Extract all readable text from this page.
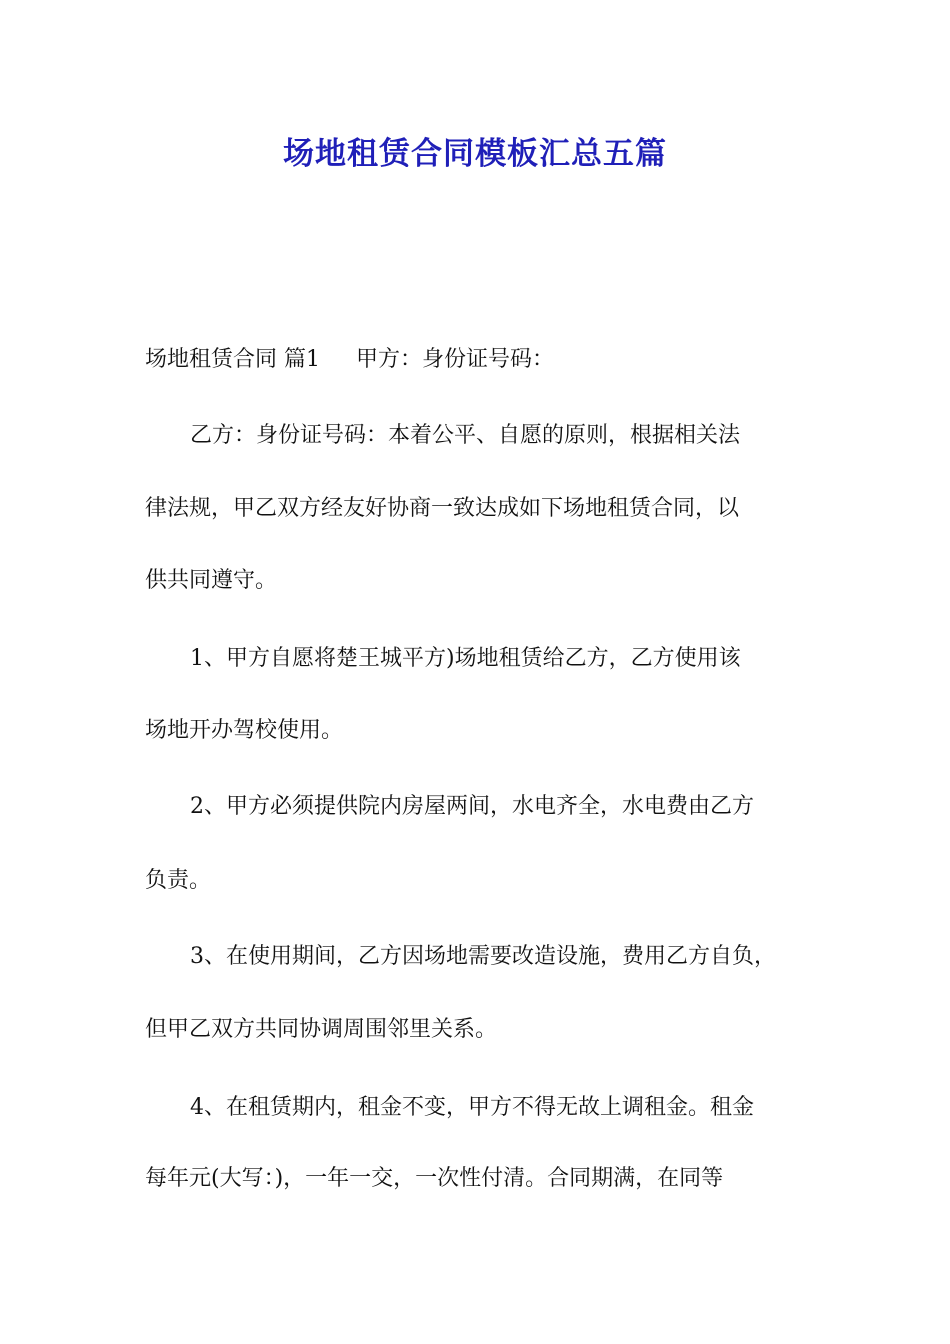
场地租赁合同模板汇总五篇

场地租赁合同 篇1 甲方：身份证号码：

乙方：身份证号码：本着公平、自愿的原则，根据相关法

律法规，甲乙双方经友好协商一致达成如下场地租赁合同，以

供共同遵守。

1、甲方自愿将楚王城平方)场地租赁给乙方，乙方使用该

场地开办驾校使用。

2、甲方必须提供院内房屋两间，水电齐全，水电费由乙方

负责。

3、在使用期间，乙方因场地需要改造设施，费用乙方自负，

但甲乙双方共同协调周围邻里关系。

4、在租赁期内，租金不变，甲方不得无故上调租金。租金

每年元(大写：)，一年一交，一次性付清。合同期满，在同等
